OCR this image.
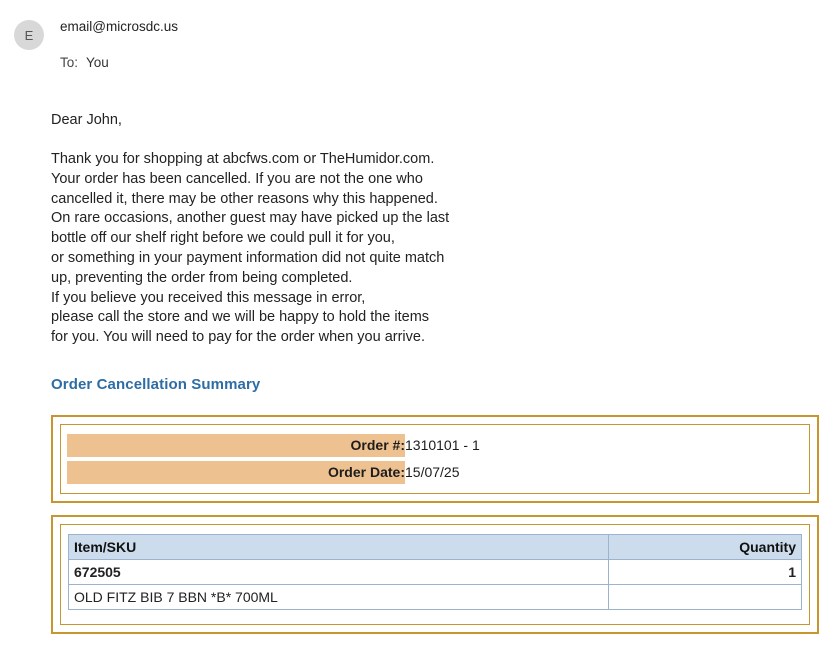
E
email@microsdc.us
To: You
Dear John,
Thank you for shopping at abcfws.com or TheHumidor.com.
Your order has been cancelled. If you are not the one who
cancelled it, there may be other reasons why this happened.
On rare occasions, another guest may have picked up the last
bottle off our shelf right before we could pull it for you,
or something in your payment information did not quite match
up, preventing the order from being completed.
If you believe you received this message in error,
please call the store and we will be happy to hold the items
for you. You will need to pay for the order when you arrive.
Order Cancellation Summary
Order #:	1310101 - 1

Order Date:	15/07/25
Item/SKU	Quantity
672505	1
OLD FITZ BIB 7 BBN *B* 700ML	
